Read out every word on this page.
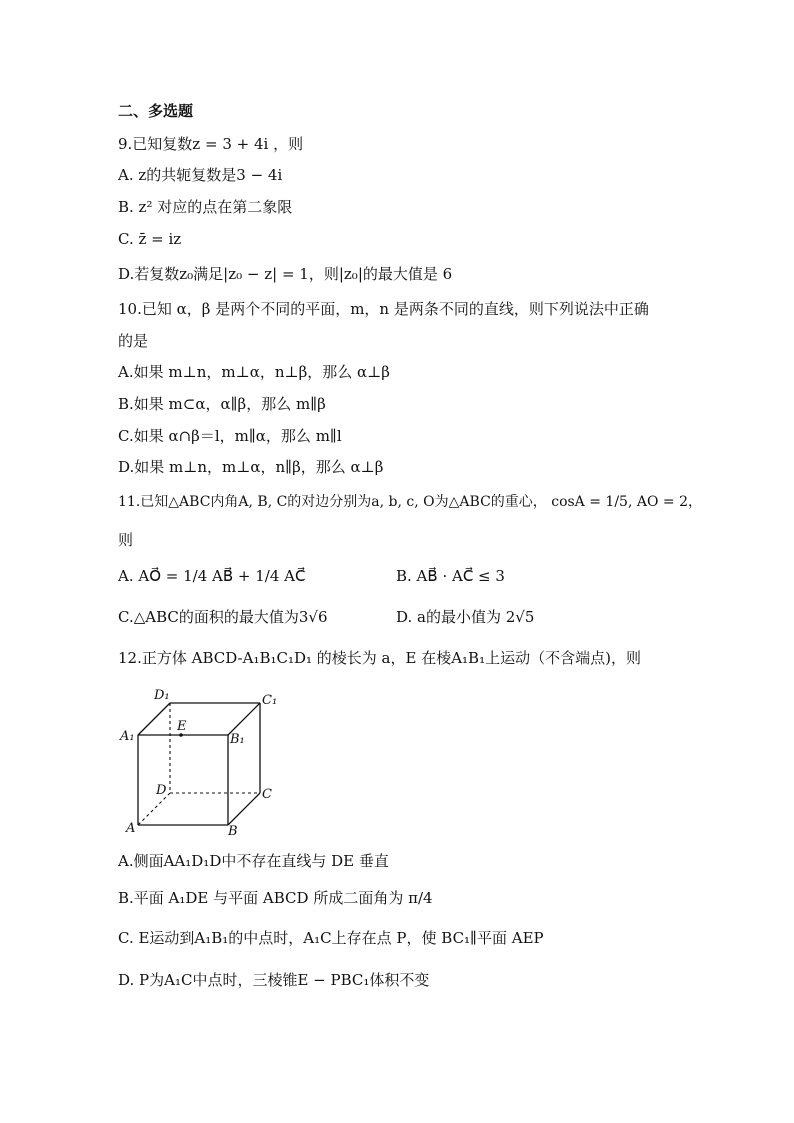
二、多选题
9.已知复数z = 3 + 4i ，则
A. z的共轭复数是3 − 4i
B. z² 对应的点在第二象限
C. z̄ = iz
D.若复数z₀满足|z₀ − z| = 1，则|z₀|的最大值是 6
10.已知 α，β 是两个不同的平面，m，n 是两条不同的直线，则下列说法中正确
的是
A.如果 m⊥n，m⊥α，n⊥β，那么 α⊥β
B.如果 m⊂α，α∥β，那么 m∥β
C.如果 α∩β＝l，m∥α，那么 m∥l
D.如果 m⊥n，m⊥α，n∥β，那么 α⊥β
11.已知△ABC内角A, B, C的对边分别为a, b, c, O为△ABC的重心， cosA = 1/5, AO = 2，
则
A. AO⃗ = 1/4 AB⃗ + 1/4 AC⃗	B. AB⃗ · AC⃗ ≤ 3
C.△ABC的面积的最大值为3√6	D. a的最小值为 2√5
12.正方体 ABCD-A₁B₁C₁D₁ 的棱长为 a，E 在棱A₁B₁上运动（不含端点)，则
D₁	C₁
E
A₁	B₁
D	C
A	B
A.侧面AA₁D₁D中不存在直线与 DE 垂直
B.平面 A₁DE 与平面 ABCD 所成二面角为 π/4
C. E运动到A₁B₁的中点时，A₁C上存在点 P，使 BC₁∥平面 AEP
D. P为A₁C中点时，三棱锥E − PBC₁体积不变
